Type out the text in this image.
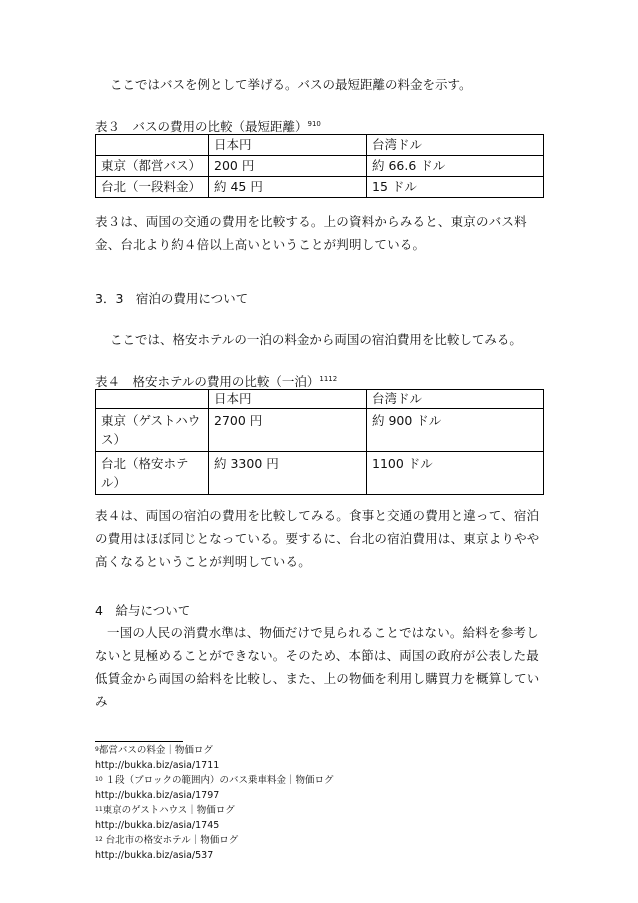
ここではバスを例として挙げる。バスの最短距離の料金を示す。
表３　バスの費用の比較（最短距離）$^{910}$
	日本円	台湾ドル
東京（都営バス）	200 円	約 66.6 ドル
台北（一段料金）	約 45 円	15 ドル
表３は、両国の交通の費用を比較する。上の資料からみると、東京のバス料金、台北より約４倍以上高いということが判明している。
3．3　宿泊の費用について
ここでは、格安ホテルの一泊の料金から両国の宿泊費用を比較してみる。
表４　格安ホテルの費用の比較（一泊）$^{1112}$
	日本円	台湾ドル
東京（ゲストハウス）	2700 円	約 900 ドル
台北（格安ホテル）	約 3300 円	1100 ドル
表４は、両国の宿泊の費用を比較してみる。食事と交通の費用と違って、宿泊の費用はほぼ同じとなっている。要するに、台北の宿泊費用は、東京よりやや高くなるということが判明している。
4　給与について
一国の人民の消費水準は、物価だけで見られることではない。給料を参考しないと見極めることができない。そのため、本節は、両国の政府が公表した最低賃金から両国の給料を比較し、また、上の物価を利用し購買力を概算していみ
$^9$都営バスの料金｜物価ログ
http://bukka.biz/asia/1711
$^{10}$ １段（ブロックの範囲内）のバス乗車料金｜物価ログ
http://bukka.biz/asia/1797
$^{11}$東京のゲストハウス｜物価ログ
http://bukka.biz/asia/1745
$^{12}$ 台北市の格安ホテル｜物価ログ
http://bukka.biz/asia/537
